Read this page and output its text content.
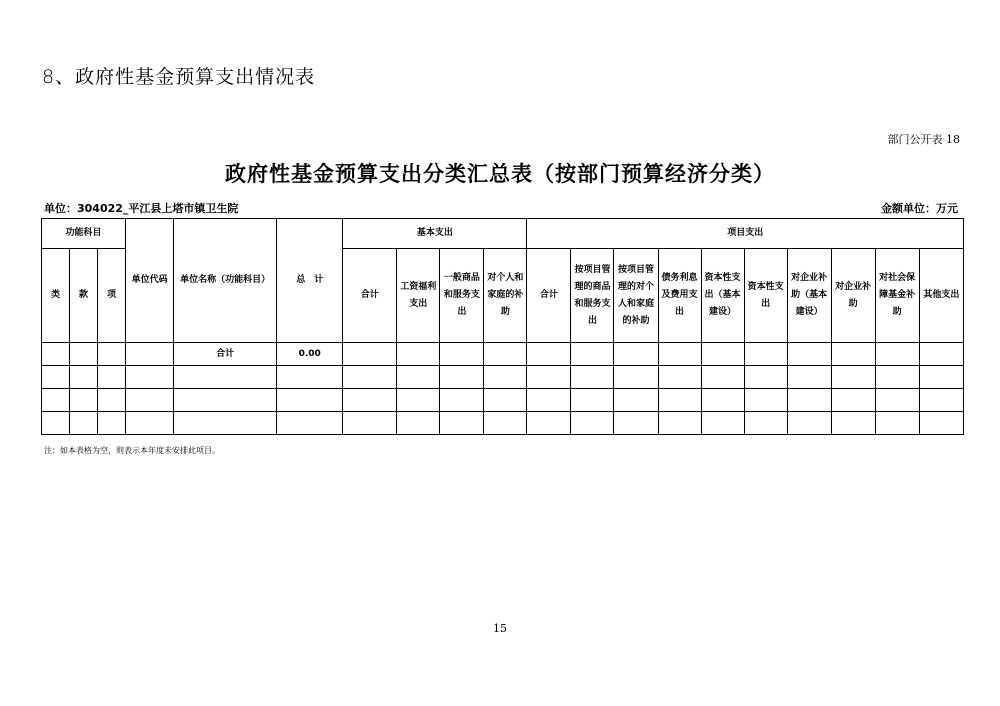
8、政府性基金预算支出情况表
部门公开表 18
政府性基金预算支出分类汇总表（按部门预算经济分类）
单位：304022_平江县上塔市镇卫生院	金额单位：万元
功能科目			单位代码	单位名称（功能科目）	总　计	基本支出				项目支出									
类	款	项				合计	工资福利支出	一般商品和服务支出	对个人和家庭的补助	合计	按项目管理的商品和服务支出	按项目管理的对个人和家庭的补助	债务利息及费用支出	资本性支出（基本建设）	资本性支出	对企业补助（基本建设）	对企业补助	对社会保障基金补助	其他支出
				合计	0.00														

注：如本表格为空，则表示本年度未安排此项目。
15
